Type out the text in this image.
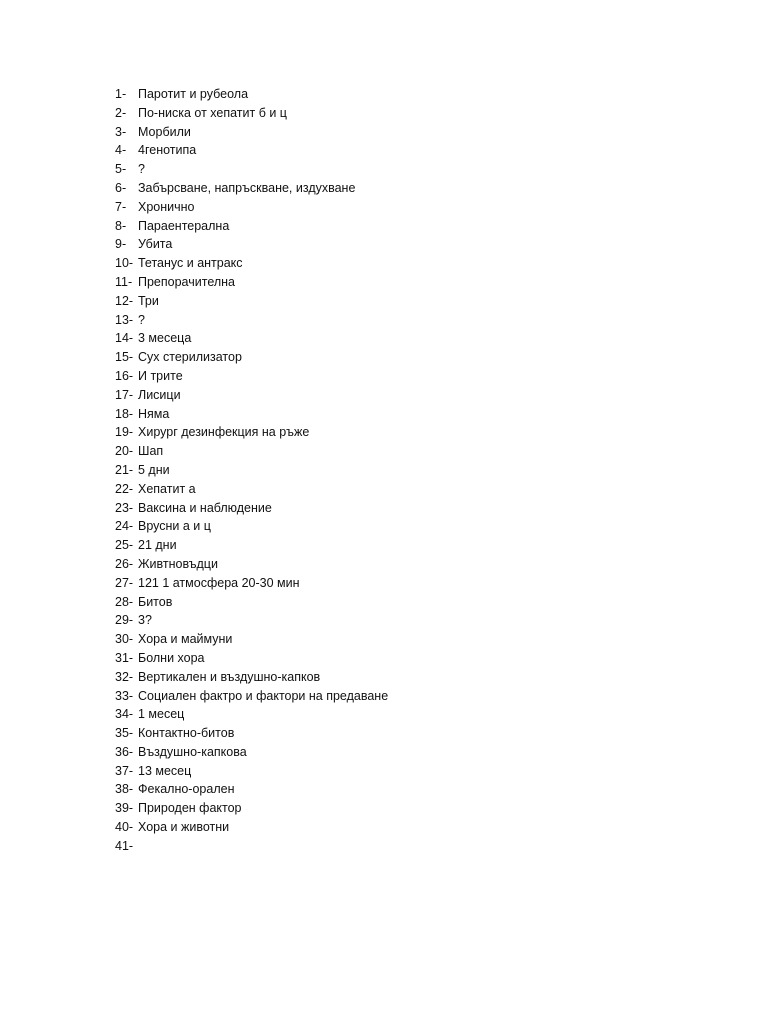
1- Паротит и рубеола
2- По-ниска от хепатит б и ц
3- Морбили
4- 4генотипа
5- ?
6- Забърсване, напръскване, издухване
7- Хронично
8- Параентерална
9- Убита
10- Тетанус и антракс
11- Препорачителна
12- Три
13- ?
14- 3 месеца
15- Сух стерилизатор
16- И трите
17- Лисици
18- Няма
19- Хирург дезинфекция на ръже
20- Шап
21- 5 дни
22- Хепатит а
23- Ваксина и наблюдение
24- Врусни а и ц
25- 21 дни
26- Живтновъдци
27- 121 1 атмосфера 20-30 мин
28- Битов
29- 3?
30- Хора и маймуни
31- Болни хора
32- Вертикален и въздушно-капков
33- Социален фактро и фактори на предаване
34- 1 месец
35- Контактно-битов
36- Въздушно-капкова
37- 13 месец
38- Фекално-орален
39- Природен фактор
40- Хора и животни
41-
